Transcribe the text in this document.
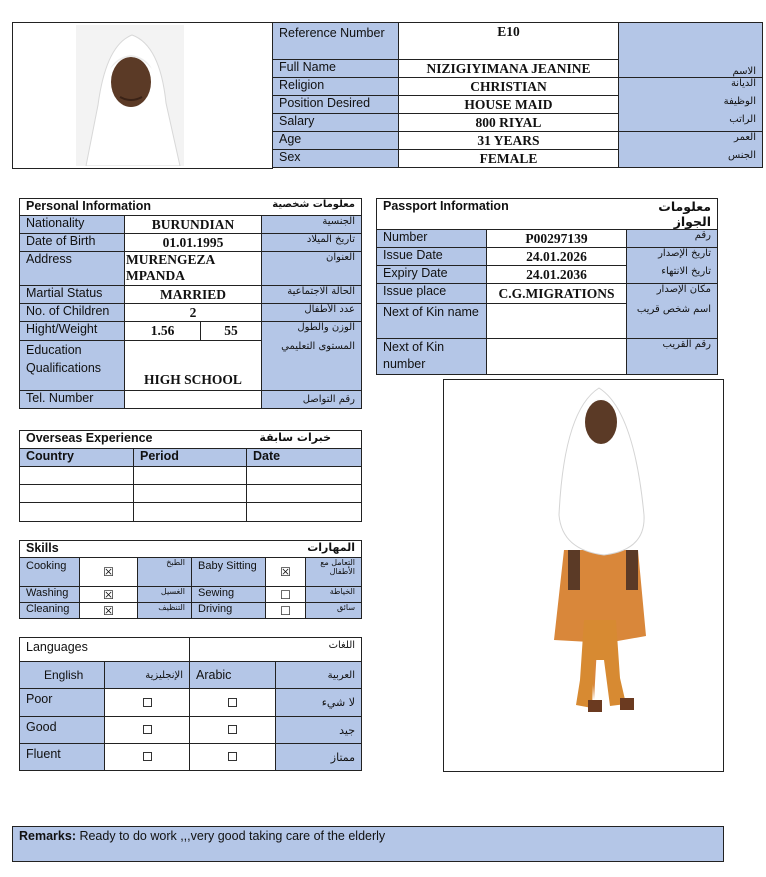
Reference Number	E10	الاسم
Full Name	NIZIGIYIMANA JEANINE	
Religion	CHRISTIAN	الديانة
Position Desired	HOUSE MAID	الوظيفة
Salary	800 RIYAL	الراتب
Age	31 YEARS	العمر
Sex	FEMALE	الجنس
Personal Information		معلومات شخصية	
Nationality	BURUNDIAN		الجنسية
Date of Birth	01.01.1995		تاريخ الميلاد
Address	MURENGEZA MPANDA		العنوان
Martial Status	MARRIED		الحالة الاجتماعية
No. of Children	2		عدد الأطفال
Hight/Weight	1.56	55	الوزن والطول
Education Qualifications	HIGH SCHOOL		المستوى التعليمي
Tel. Number			رقم التواصل
Passport Information		معلومات الجواز
Number	P00297139	رقم
Issue Date	24.01.2026	تاريخ الإصدار
Expiry Date	24.01.2036	تاريخ الانتهاء
Issue place	C.G.MIGRATIONS	مكان الإصدار
Next of Kin name		اسم شخص قريب
Next of Kin number		رقم القريب
Overseas Experience		خبرات سابقة
Country	Period	Date

Skills			المهارات		
Cooking	☒	الطبخ	Baby Sitting	☒	التعامل مع الأطفال
Washing	☒	الغسيل	Sewing	☐	الخياطة
Cleaning	☒	التنظيف	Driving	☐	سائق
Languages		اللغات	
English	الإنجليزية	Arabic	العربية
Poor			لا شيء
Good			جيد
Fluent			ممتاز
Remarks: Ready to do work ,,,very good taking care of the elderly
